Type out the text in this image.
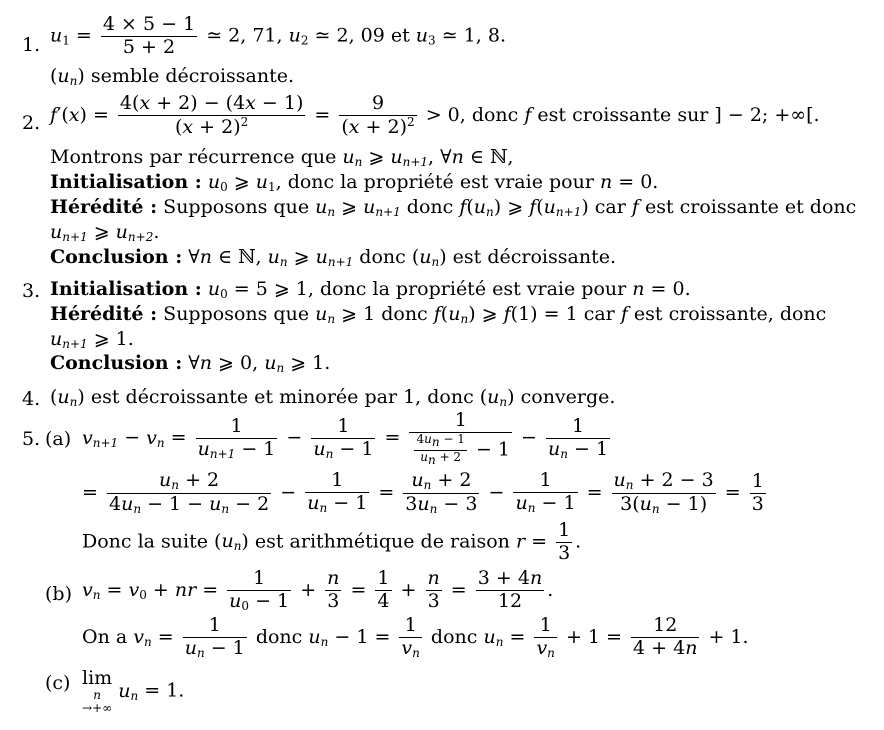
1. $u_1 = \frac{4 \times 5 - 1}{5 + 2}$ ≃ 2, 71, $u_2$ ≃ 2, 09 et $u_3$ ≃ 1, 8.
$(u_n)$ semble décroissante.
2. $f'(x) = \frac{4(x + 2) - (4x - 1)}{(x + 2)^2} = \frac{9}{(x + 2)^2} > 0$, donc f est croissante sur ] − 2; +∞[.
Montrons par récurrence que $u_n$ ⩾ $u_{n+1}$, ∀n ∈ ℕ,
Initialisation : $u_0$ ⩾ $u_1$, donc la propriété est vraie pour n = 0.
Hérédité : Supposons que $u_n$ ⩾ $u_{n+1}$ donc $f(u_n)$ ⩾ $f(u_{n+1})$ car f est croissante et donc
$u_{n+1}$ ⩾ $u_{n+2}$.
Conclusion : ∀n ∈ ℕ, $u_n$ ⩾ $u_{n+1}$ donc $(u_n)$ est décroissante.
3. Initialisation : $u_0 = 5$ ⩾ 1, donc la propriété est vraie pour n = 0.
Hérédité : Supposons que $u_n$ ⩾ 1 donc $f(u_n)$ ⩾ f(1) = 1 car f est croissante, donc
$u_{n+1}$ ⩾ 1.
Conclusion : ∀n ⩾ 0, $u_n$ ⩾ 1.
4. $(u_n)$ est décroissante et minorée par 1, donc $(u_n)$ converge.
5. (a) $v_{n+1} - v_n = \frac{1}{u_{n+1} - 1} - \frac{1}{u_n - 1} = \frac{1}{\frac{4u_n - 1}{u_n + 2} - 1} - \frac{1}{u_n - 1}$
= $\frac{u_n + 2}{4u_n - 1 - u_n - 2} - \frac{1}{u_n - 1} = \frac{u_n + 2}{3u_n - 3} - \frac{1}{u_n - 1} = \frac{u_n + 2 - 3}{3(u_n - 1)} = \frac{1}{3}$
Donc la suite $(u_n)$ est arithmétique de raison $r = \frac{1}{3}$ .
(b) $v_n = v_0$ + nr = $\frac{1}{u_0 - 1} + \frac{n}{3} = \frac{1}{4} + \frac{n}{3} = \frac{3 + 4n}{12}$ .
On a $v_n = \frac{1}{u_n - 1}$ donc $u_n - 1 = \frac{1}{v_n}$ donc $u_n = \frac{1}{v_n} + 1 = \frac{12}{4 + 4n} + 1$.
(c) lim
n
→+∞
$u_n = 1$.
